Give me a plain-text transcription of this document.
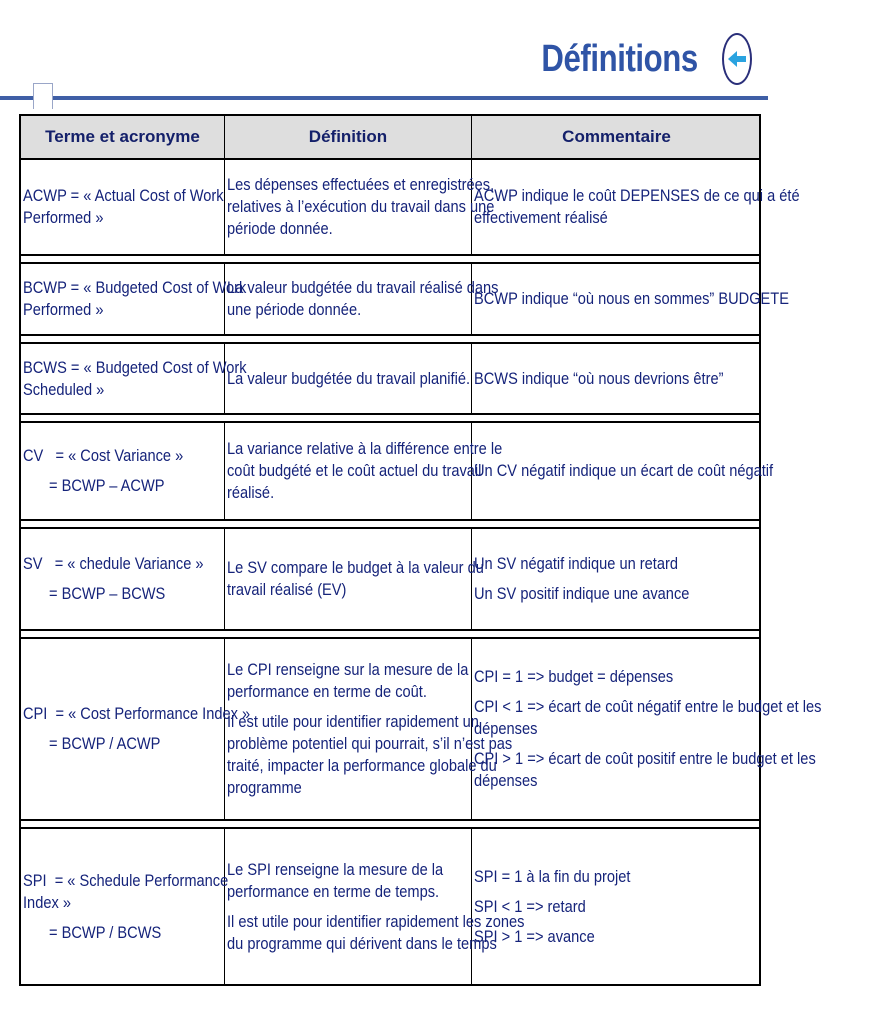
Définitions
Terme et acronyme	Définition	Commentaire
ACWP = « Actual Cost of Work
Performed »
Les dépenses effectuées et enregistrées,
relatives à l’exécution du travail dans une
période donnée.
ACWP indique le coût DEPENSES de ce qui a été
effectivement réalisé
BCWP = « Budgeted Cost of Work
Performed »
La valeur budgétée du travail réalisé dans
une période donnée.
BCWP indique “où nous en sommes” BUDGETE
BCWS = « Budgeted Cost of Work
Scheduled »
La valeur budgétée du travail planifié. BCWS indique “où nous devrions être”
CV   = « Cost Variance »
= BCWP – ACWP
La variance relative à la différence entre le
coût budgété et le coût actuel du travail
réalisé.
Un CV négatif indique un écart de coût négatif
SV   = « chedule Variance »
= BCWP – BCWS
Le SV compare le budget à la valeur du
travail réalisé (EV)
Un SV négatif indique un retard
Un SV positif indique une avance
CPI  = « Cost Performance Index »
= BCWP / ACWP
Le CPI renseigne sur la mesure de la
performance en terme de coût.
Il est utile pour identifier rapidement un
problème potentiel qui pourrait, s’il n’est pas
traité, impacter la performance globale du
programme
CPI = 1 => budget = dépenses
CPI < 1 => écart de coût négatif entre le budget et les
dépenses
CPI > 1 => écart de coût positif entre le budget et les
dépenses
SPI  = « Schedule Performance
Index »
= BCWP / BCWS
Le SPI renseigne la mesure de la
performance en terme de temps.
Il est utile pour identifier rapidement les zones
du programme qui dérivent dans le temps
SPI = 1 à la fin du projet
SPI < 1 => retard
SPI > 1 => avance
